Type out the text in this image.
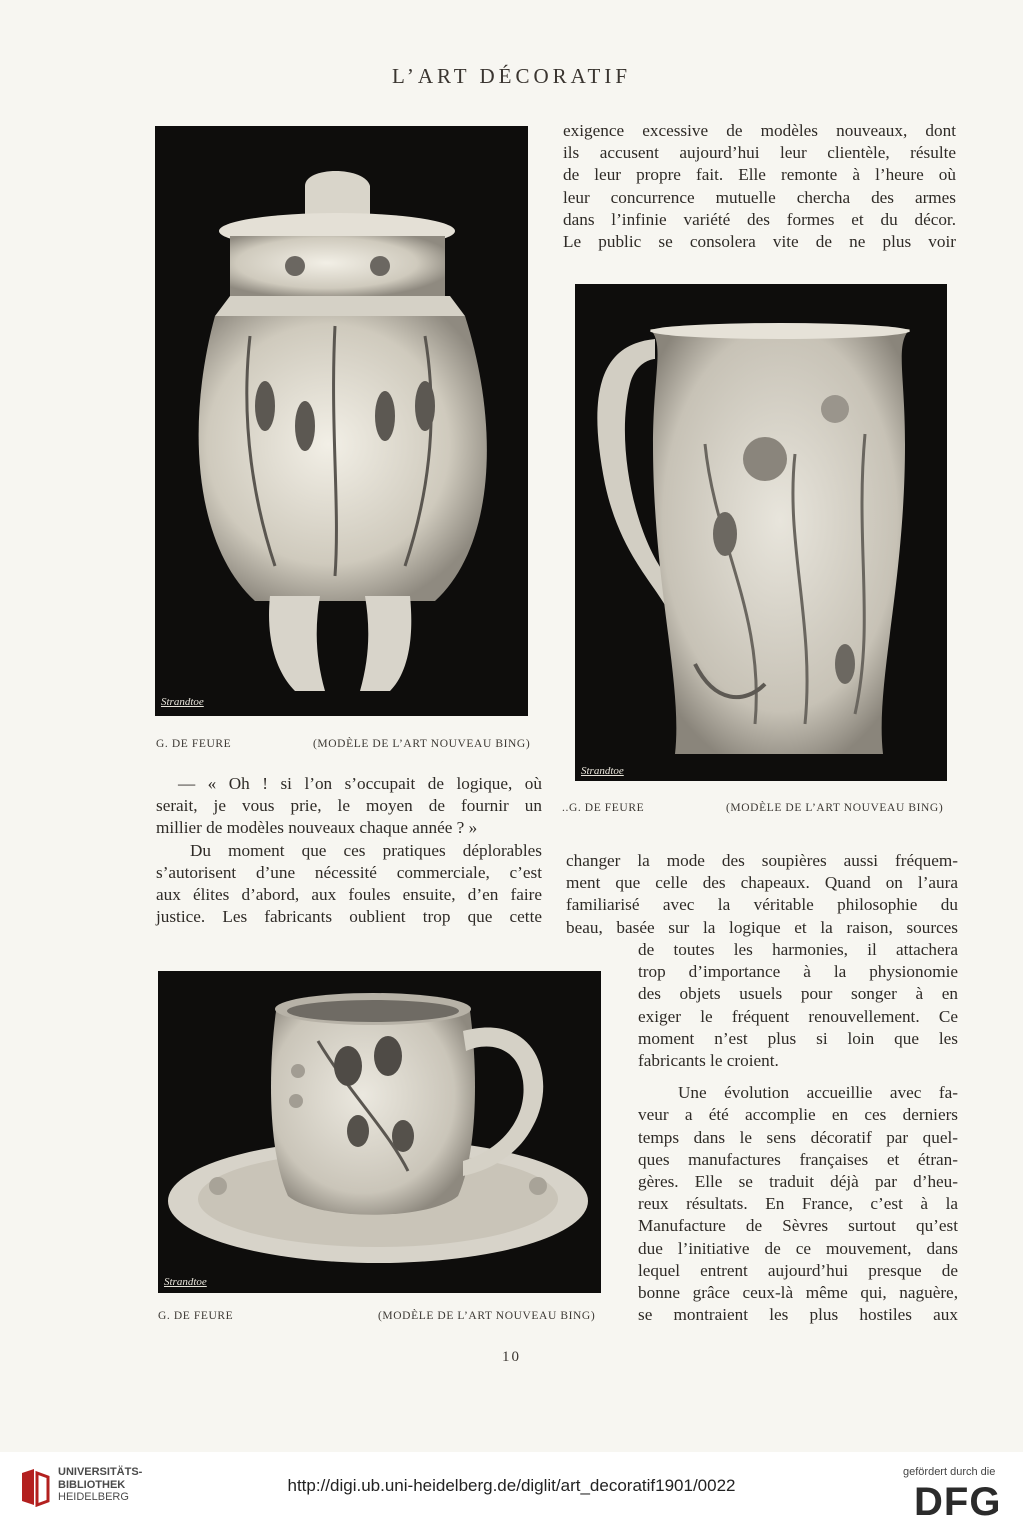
L’ART DÉCORATIF
Strandtoe
G. DE FEURE	(MODÈLE DE L’ART NOUVEAU BING)
Strandtoe
..G. DE FEURE	(MODÈLE DE L’ART NOUVEAU BING)
Strandtoe
G. DE FEURE	(MODÈLE DE L’ART NOUVEAU BING)
exigence excessive de modèles nouveaux, dont
ils accusent aujourd’hui leur clientèle, résulte
de leur propre fait. Elle remonte à l’heure où
leur concurrence mutuelle chercha des armes
dans l’infinie variété des formes et du décor.
Le public se consolera vite de ne plus voir
— « Oh ! si l’on s’occupait de logique, où
serait, je vous prie, le moyen de fournir un
millier de modèles nouveaux chaque année ? »
Du moment que ces pratiques déplorables
s’autorisent d’une nécessité commerciale, c’est
aux élites d’abord, aux foules ensuite, d’en faire
justice. Les fabricants oublient trop que cette
changer la mode des soupières aussi fréquem-
ment que celle des chapeaux. Quand on l’aura
familiarisé avec la véritable philosophie du
beau, basée sur la logique et la raison, sources
de toutes les harmonies, il attachera
trop d’importance à la physionomie
des objets usuels pour songer à en
exiger le fréquent renouvellement. Ce
moment n’est plus si loin que les
fabricants le croient.
Une évolution accueillie avec fa-
veur a été accomplie en ces derniers
temps dans le sens décoratif par quel-
ques manufactures françaises et étran-
gères. Elle se traduit déjà par d’heu-
reux résultats. En France, c’est à la
Manufacture de Sèvres surtout qu’est
due l’initiative de ce mouvement, dans
lequel entrent aujourd’hui presque de
bonne grâce ceux-là même qui, naguère,
se montraient les plus hostiles aux
10
UNIVERSITÄTS-
BIBLIOTHEK
HEIDELBERG
http://digi.ub.uni-heidelberg.de/diglit/art_decoratif1901/0022
gefördert durch die
DFG
